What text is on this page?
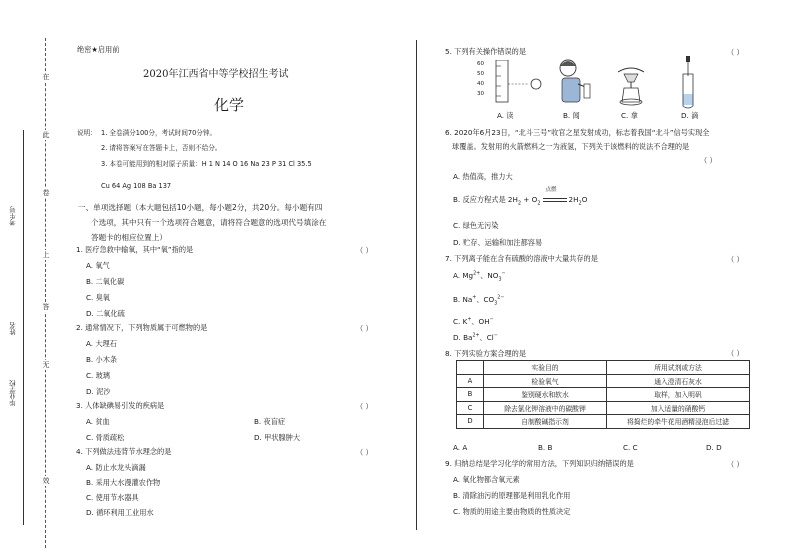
在
此
卷
上
答
无
效
考生号
姓名
毕业学校
绝密★启用前
2020年江西省中等学校招生考试
化学
说明： 1. 全卷满分100分，考试时间70分钟。
2. 请将答案写在答题卡上，否则不给分。
3. 本卷可能用到的相对原子质量：H 1 N 14 O 16 Na 23 P 31 Cl 35.5
Cu 64 Ag 108 Ba 137
一、单项选择题（本大题包括10小题，每小题2分，共20分。每小题有四
个选项，其中只有一个选项符合题意，请将符合题意的选项代号填涂在
答题卡的相应位置上）
1. 医疗急救中输氧，其中“氧”指的是	（ ）
A. 氧气
B. 二氧化碳
C. 臭氧
D. 二氧化硫
2. 通常情况下，下列物质属于可燃物的是	（ ）
A. 大理石
B. 小木条
C. 玻璃
D. 泥沙
3. 人体缺碘易引发的疾病是	（ ）
A. 贫血	B. 夜盲症
C. 骨质疏松	D. 甲状腺肿大
4. 下列做法违背节水理念的是	（ ）
A. 防止水龙头滴漏
B. 采用大水漫灌农作物
C. 使用节水器具
D. 循环利用工业用水
5. 下列有关操作错误的是	（ ）
60
50
40
30
A. 读	B. 闻	C. 拿	D. 滴
6. 2020年6月23日，“北斗三号”收官之星发射成功，标志着我国“北斗”信号实现全
球覆盖。发射用的火箭燃料之一为液氢，下列关于该燃料的说法不合理的是
（ ）
A. 热值高，推力大
B. 反应方程式是 $2H_2 + O_2$
点燃
$2H_2O$
C. 绿色无污染
D. 贮存、运输和加注都容易
7. 下列离子能在含有硫酸的溶液中大量共存的是	（ ）
A. $Mg^{2+}$、$NO_3^-$
B. Na+、$CO_3^{2-}$
C. K+、OH−
D. $Ba^{2+}$、Cl−
8. 下列实验方案合理的是	（ ）
	实验目的	所用试剂或方法
A	检验氧气	通入澄清石灰水
B	鉴别硬水和软水	取样，加入明矾
C	除去氯化钾溶液中的碳酸钾	加入适量的硝酸钙
D	自制酸碱指示剂	将捣烂的牵牛花用酒精浸泡后过滤
A. A	B. B	C. C	D. D
9. 归纳总结是学习化学的常用方法，下列知识归纳错误的是	（ ）
A. 氧化物都含氧元素
B. 清除油污的原理都是利用乳化作用
C. 物质的用途主要由物质的性质决定
